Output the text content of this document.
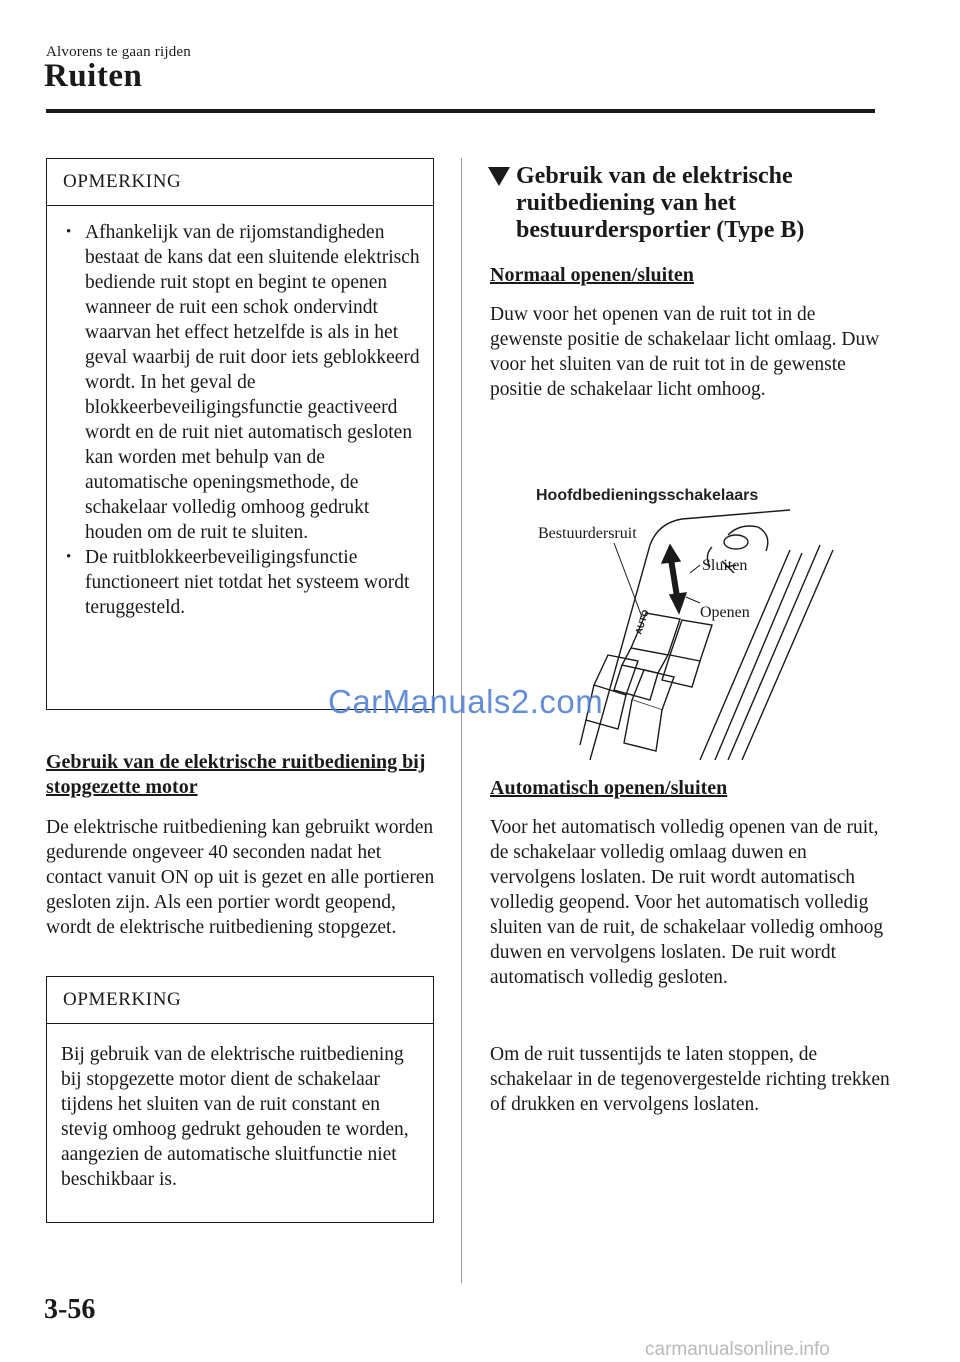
Alvorens te gaan rijden
Ruiten
OPMERKING
• Afhankelijk van de rijomstandigheden bestaat de kans dat een sluitende elektrisch bediende ruit stopt en begint te openen wanneer de ruit een schok ondervindt waarvan het effect hetzelfde is als in het geval waarbij de ruit door iets geblokkeerd wordt. In het geval de blokkeerbeveiligingsfunctie geactiveerd wordt en de ruit niet automatisch gesloten kan worden met behulp van de automatische openingsmethode, de schakelaar volledig omhoog gedrukt houden om de ruit te sluiten.
• De ruitblokkeerbeveiligingsfunctie functioneert niet totdat het systeem wordt teruggesteld.
Gebruik van de elektrische ruitbediening bij stopgezette motor
De elektrische ruitbediening kan gebruikt worden gedurende ongeveer 40 seconden nadat het contact vanuit ON op uit is gezet en alle portieren gesloten zijn. Als een portier wordt geopend, wordt de elektrische ruitbediening stopgezet.
OPMERKING
Bij gebruik van de elektrische ruitbediening bij stopgezette motor dient de schakelaar tijdens het sluiten van de ruit constant en stevig omhoog gedrukt gehouden te worden, aangezien de automatische sluitfunctie niet beschikbaar is.
Gebruik van de elektrische ruitbediening van het bestuurdersportier (Type B)
Normaal openen/sluiten
Duw voor het openen van de ruit tot in de gewenste positie de schakelaar licht omlaag. Duw voor het sluiten van de ruit tot in de gewenste positie de schakelaar licht omhoog.
Hoofdbedieningsschakelaars
AUTO
Bestuurdersruit
Sluiten
Openen
Automatisch openen/sluiten
Voor het automatisch volledig openen van de ruit, de schakelaar volledig omlaag duwen en vervolgens loslaten. De ruit wordt automatisch volledig geopend. Voor het automatisch volledig sluiten van de ruit, de schakelaar volledig omhoog duwen en vervolgens loslaten. De ruit wordt automatisch volledig gesloten.
Om de ruit tussentijds te laten stoppen, de schakelaar in de tegenovergestelde richting trekken of drukken en vervolgens loslaten.
CarManuals2.com
3-56
carmanualsonline.info
